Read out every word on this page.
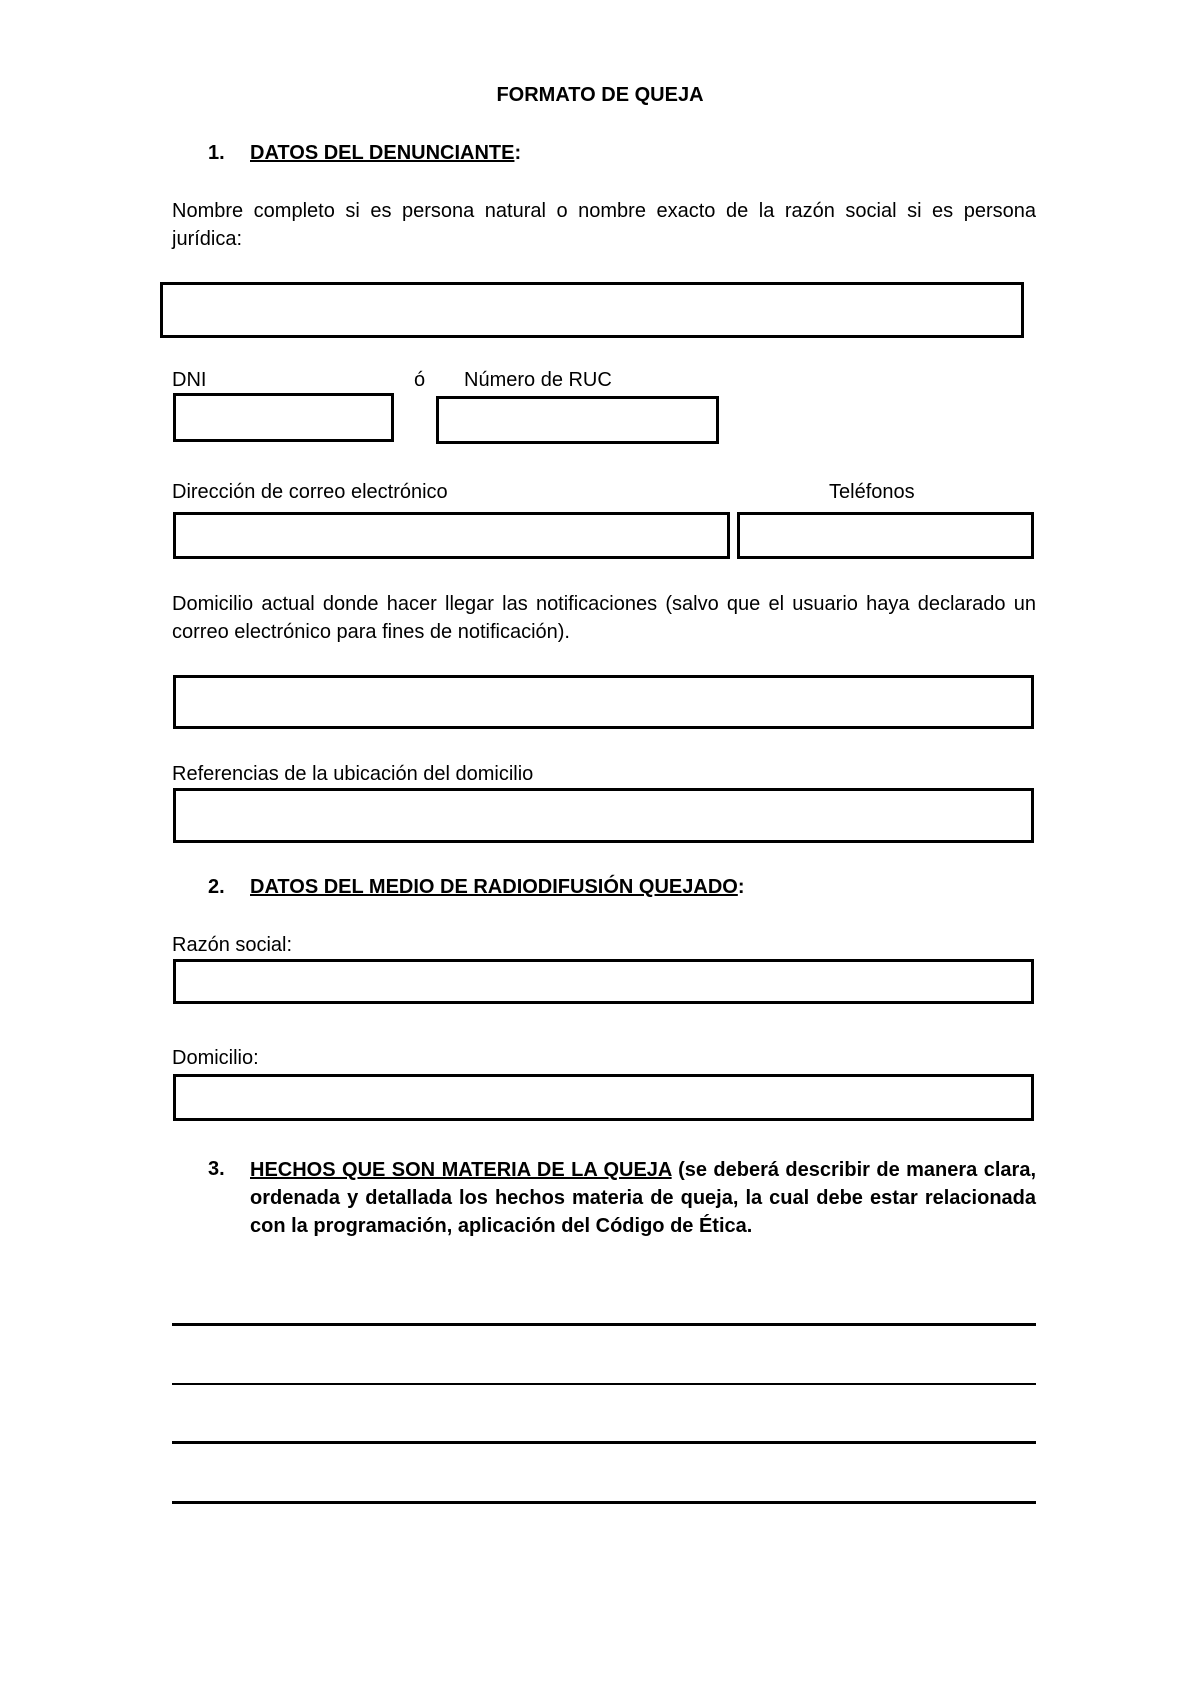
FORMATO DE QUEJA
1. DATOS DEL DENUNCIANTE:
Nombre completo si es persona natural o nombre exacto de la razón social si es persona jurídica:
DNI	ó Número de RUC
Dirección de correo electrónico	Teléfonos
Domicilio actual donde hacer llegar las notificaciones (salvo que el usuario haya declarado un correo electrónico para fines de notificación).
Referencias de la ubicación del domicilio
2. DATOS DEL MEDIO DE RADIODIFUSIÓN QUEJADO:
Razón social:
Domicilio:
3. HECHOS QUE SON MATERIA DE LA QUEJA (se deberá describir de manera clara, ordenada y detallada los hechos materia de queja, la cual debe estar relacionada con la programación, aplicación del Código de Ética.
